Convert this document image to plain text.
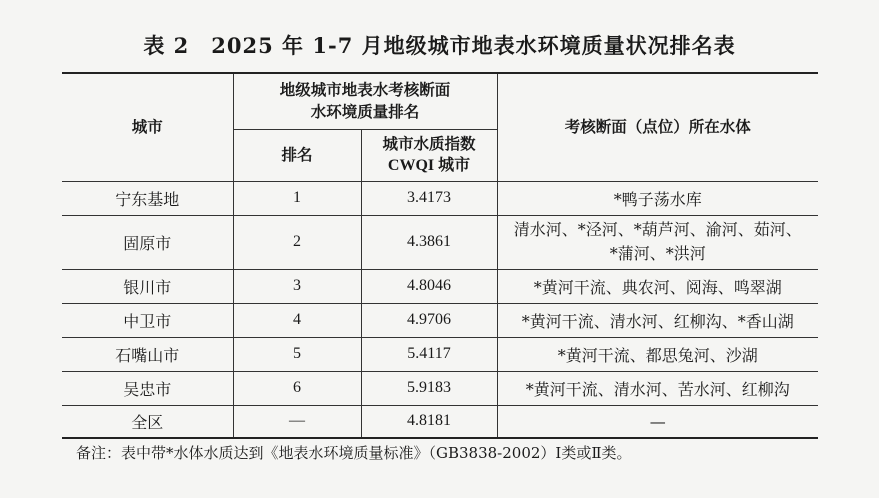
表 2　2025 年 1-7 月地级城市地表水环境质量状况排名表
城市	地级城市地表水考核断面
水环境质量排名		考核断面（点位）所在水体
	排名	城市水质指数
CWQI 城市	

宁东基地	1	3.4173	*鸭子荡水库
固原市	2	4.3861	清水河、*泾河、*葫芦河、渝河、茹河、
*蒲河、*洪河

银川市	3	4.8046	*黄河干流、典农河、阅海、鸣翠湖
中卫市	4	4.9706	*黄河干流、清水河、红柳沟、*香山湖
石嘴山市	5	5.4117	*黄河干流、都思兔河、沙湖
吴忠市	6	5.9183	*黄河干流、清水河、苦水河、红柳沟
全区	—	4.8181	—
备注：表中带*水体水质达到《地表水环境质量标准》（GB3838-2002）Ⅰ类或Ⅱ类。
